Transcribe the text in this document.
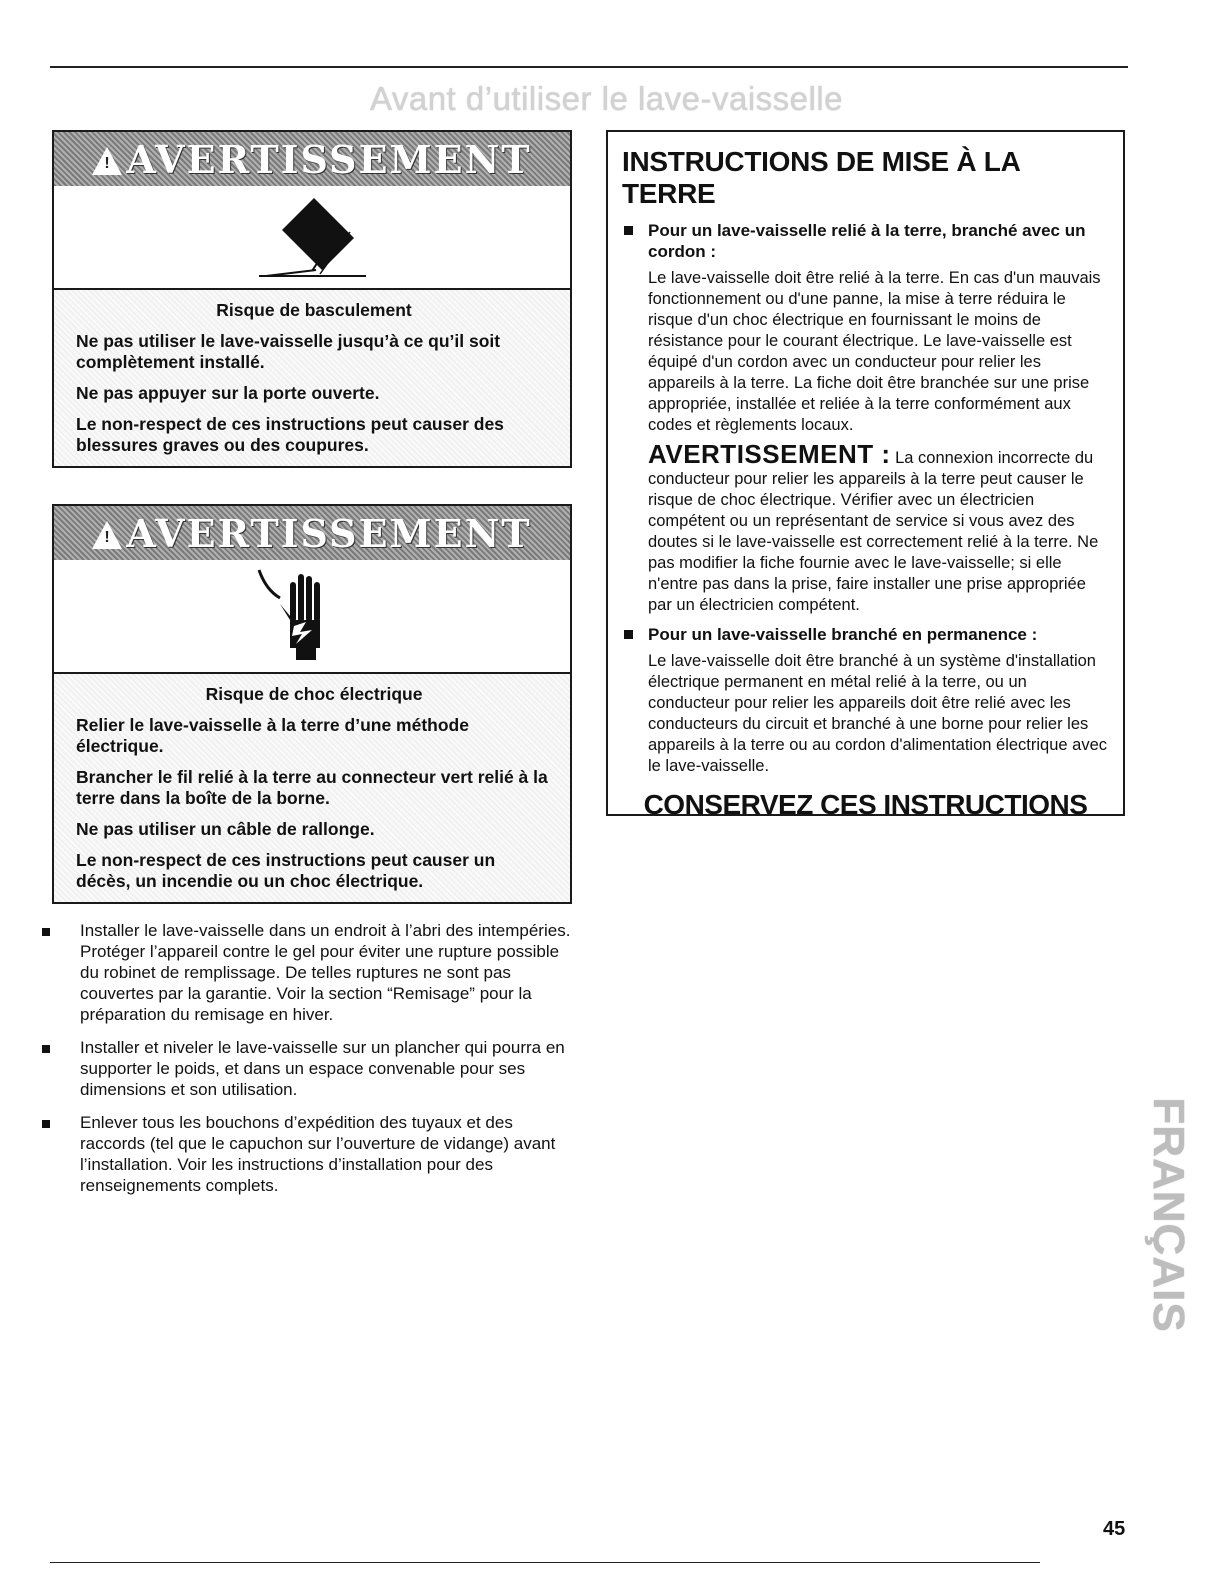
Avant d’utiliser le lave-vaisselle
! AVERTISSEMENT
Risque de basculement

Ne pas utiliser le lave-vaisselle jusqu’à ce qu’il soit complètement installé.

Ne pas appuyer sur la porte ouverte.

Le non-respect de ces instructions peut causer des blessures graves ou des coupures.

! AVERTISSEMENT
Risque de choc électrique

Relier le lave-vaisselle à la terre d’une méthode électrique.

Brancher le fil relié à la terre au connecteur vert relié à la terre dans la boîte de la borne.

Ne pas utiliser un câble de rallonge.

Le non-respect de ces instructions peut causer un décès, un incendie ou un choc électrique.

Installer le lave-vaisselle dans un endroit à l’abri des intempéries. Protéger l’appareil contre le gel pour éviter une rupture possible du robinet de remplissage. De telles ruptures ne sont pas couvertes par la garantie. Voir la section “Remisage” pour la préparation du remisage en hiver.
Installer et niveler le lave-vaisselle sur un plancher qui pourra en supporter le poids, et dans un espace convenable pour ses dimensions et son utilisation.
Enlever tous les bouchons d’expédition des tuyaux et des raccords (tel que le capuchon sur l’ouverture de vidange) avant l’installation. Voir les instructions d’installation pour des renseignements complets.
INSTRUCTIONS DE MISE À LA TERRE
Pour un lave-vaisselle relié à la terre, branché avec un cordon :
Le lave-vaisselle doit être relié à la terre. En cas d'un mauvais fonctionnement ou d'une panne, la mise à terre réduira le risque d'un choc électrique en fournissant le moins de résistance pour le courant électrique. Le lave-vaisselle est équipé d'un cordon avec un conducteur pour relier les appareils à la terre. La fiche doit être branchée sur une prise appropriée, installée et reliée à la terre conformément aux codes et règlements locaux.
AVERTISSEMENT : La connexion incorrecte du conducteur pour relier les appareils à la terre peut causer le risque de choc électrique. Vérifier avec un électricien compétent ou un représentant de service si vous avez des doutes si le lave-vaisselle est correctement relié à la terre. Ne pas modifier la fiche fournie avec le lave-vaisselle; si elle n'entre pas dans la prise, faire installer une prise appropriée par un électricien compétent.
Pour un lave-vaisselle branché en permanence :
Le lave-vaisselle doit être branché à un système d'installation électrique permanent en métal relié à la terre, ou un conducteur pour relier les appareils doit être relié avec les conducteurs du circuit et branché à une borne pour relier les appareils à la terre ou au cordon d'alimentation électrique avec le lave-vaisselle.
CONSERVEZ CES INSTRUCTIONS
FRANÇAIS
45
